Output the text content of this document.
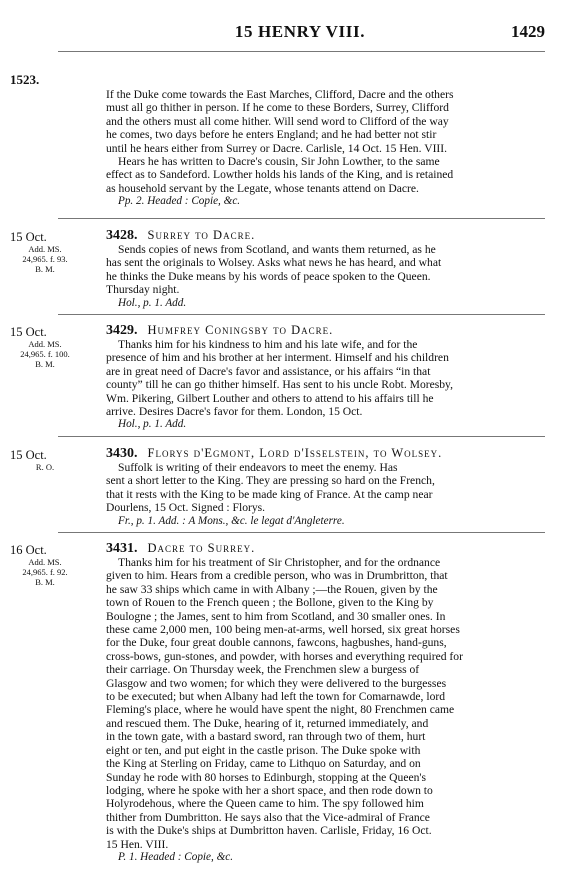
15 HENRY VIII.	1429
1523.
If the Duke come towards the East Marches, Clifford, Dacre and the others
must all go thither in person. If he come to these Borders, Surrey, Clifford
and the others must all come hither. Will send word to Clifford of the way
he comes, two days before he enters England; and he had better not stir
until he hears either from Surrey or Dacre. Carlisle, 14 Oct. 15 Hen. VIII.
Hears he has written to Dacre's cousin, Sir John Lowther, to the same
effect as to Sandeford. Lowther holds his lands of the King, and is retained
as household servant by the Legate, whose tenants attend on Dacre.
Pp. 2. Headed : Copie, &c.
15 Oct.
Add. MS.
24,965. f. 93.
B. M.
3428. Surrey to Dacre.
Sends copies of news from Scotland, and wants them returned, as he
has sent the originals to Wolsey. Asks what news he has heard, and what
he thinks the Duke means by his words of peace spoken to the Queen.
Thursday night.
Hol., p. 1. Add.
15 Oct.
Add. MS.
24,965. f. 100.
B. M.
3429. Humfrey Coningsby to Dacre.
Thanks him for his kindness to him and his late wife, and for the
presence of him and his brother at her interment. Himself and his children
are in great need of Dacre's favor and assistance, or his affairs “in that
county” till he can go thither himself. Has sent to his uncle Robt. Moresby,
Wm. Pikering, Gilbert Louther and others to attend to his affairs till he
arrive. Desires Dacre's favor for them. London, 15 Oct.
Hol., p. 1. Add.
15 Oct.
R. O.
3430. Florys d'Egmont, Lord d'Isselstein, to Wolsey.
Suffolk is writing of their endeavors to meet the enemy. Has
sent a short letter to the King. They are pressing so hard on the French,
that it rests with the King to be made king of France. At the camp near
Dourlens, 15 Oct. Signed : Florys.
Fr., p. 1. Add. : A Mons., &c. le legat d'Angleterre.
16 Oct.
Add. MS.
24,965. f. 92.
B. M.
3431. Dacre to Surrey.
Thanks him for his treatment of Sir Christopher, and for the ordnance
given to him. Hears from a credible person, who was in Drumbritton, that
he saw 33 ships which came in with Albany ;—the Rouen, given by the
town of Rouen to the French queen ; the Bollone, given to the King by
Boulogne ; the James, sent to him from Scotland, and 30 smaller ones. In
these came 2,000 men, 100 being men-at-arms, well horsed, six great horses
for the Duke, four great double cannons, fawcons, hagbushes, hand-guns,
cross-bows, gun-stones, and powder, with horses and everything required for
their carriage. On Thursday week, the Frenchmen slew a burgess of
Glasgow and two women; for which they were delivered to the burgesses
to be executed; but when Albany had left the town for Comarnawde, lord
Fleming's place, where he would have spent the night, 80 Frenchmen came
and rescued them. The Duke, hearing of it, returned immediately, and
in the town gate, with a bastard sword, ran through two of them, hurt
eight or ten, and put eight in the castle prison. The Duke spoke with
the King at Sterling on Friday, came to Lithquo on Saturday, and on
Sunday he rode with 80 horses to Edinburgh, stopping at the Queen's
lodging, where he spoke with her a short space, and then rode down to
Holyrodehous, where the Queen came to him. The spy followed him
thither from Dumbritton. He says also that the Vice-admiral of France
is with the Duke's ships at Dumbritton haven. Carlisle, Friday, 16 Oct.
15 Hen. VIII.
P. 1. Headed : Copie, &c.
